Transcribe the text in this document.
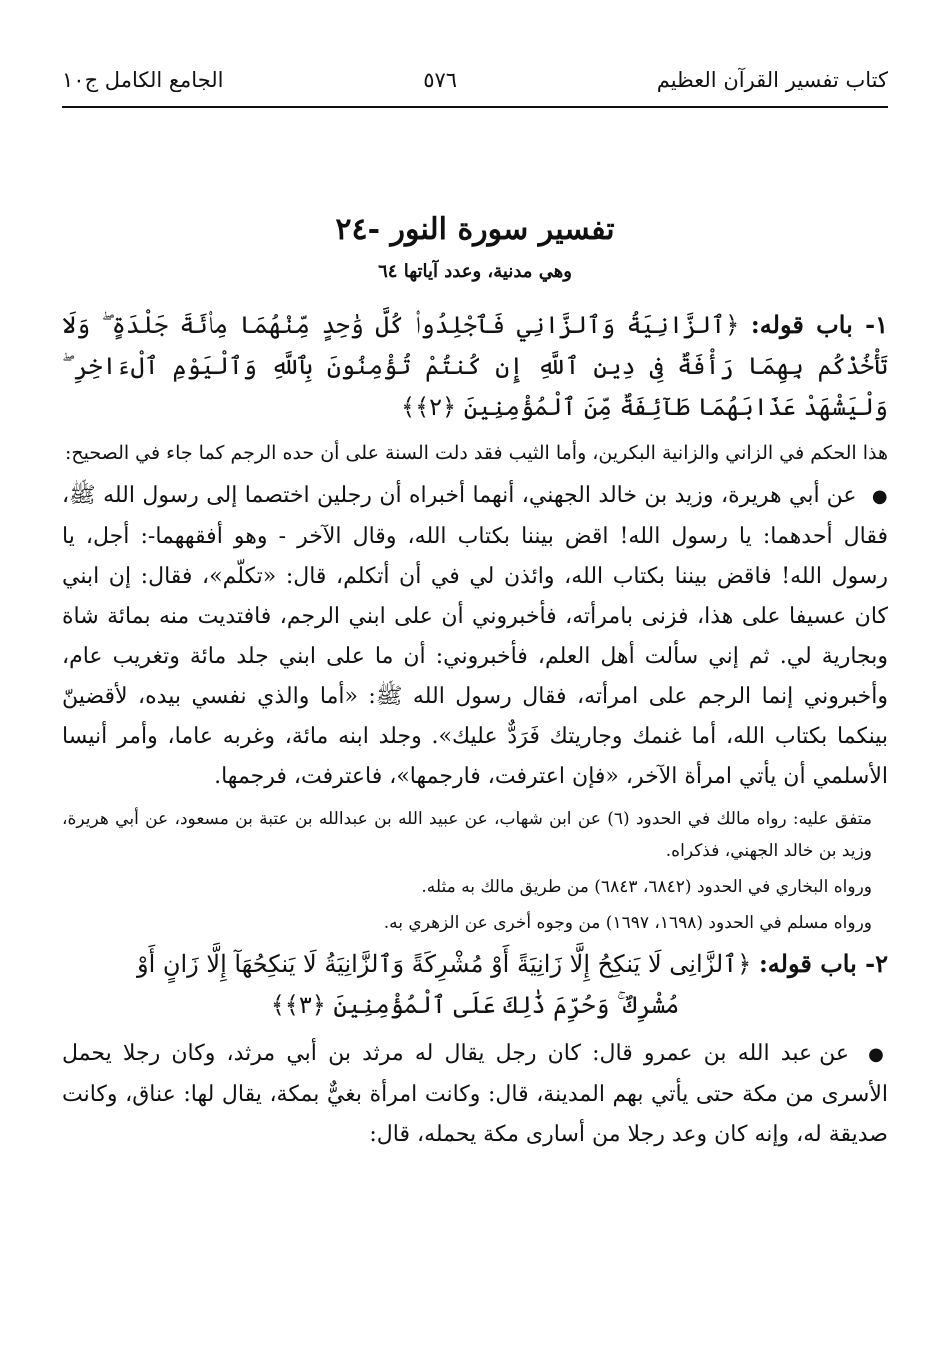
كتاب تفسير القرآن العظيم
٥٧٦
الجامع الكامل ج١٠
تفسير سورة النور -٢٤
وهي مدنية، وعدد آياتها ٦٤
١- باب قوله: ﴿ٱلزَّانِيَةُ وَٱلزَّانِي فَٱجْلِدُوا۟ كُلَّ وَٰحِدٍ مِّنْهُمَا مِا۟ئَةَ جَلْدَةٍ ۖ وَلَا تَأْخُذْكُم بِهِمَا رَأْفَةٌ فِى دِينِ ٱللَّهِ إِن كُنتُمْ تُؤْمِنُونَ بِٱللَّهِ وَٱلْيَوْمِ ٱلْءَاخِرِ ۖ وَلْيَشْهَدْ عَذَابَهُمَا طَآئِفَةٌ مِّنَ ٱلْمُؤْمِنِينَ ﴿٢﴾﴾
هذا الحكم في الزاني والزانية البكرين، وأما الثيب فقد دلت السنة على أن حده الرجم كما جاء في الصحيح:
● عن أبي هريرة، وزيد بن خالد الجهني، أنهما أخبراه أن رجلين اختصما إلى رسول الله ﷺ، فقال أحدهما: يا رسول الله! اقض بيننا بكتاب الله، وقال الآخر - وهو أفقههما-: أجل، يا رسول الله! فاقض بيننا بكتاب الله، وائذن لي في أن أتكلم، قال: «تكلّم»، فقال: إن ابني كان عسيفا على هذا، فزنى بامرأته، فأخبروني أن على ابني الرجم، فافتديت منه بمائة شاة وبجارية لي. ثم إني سألت أهل العلم، فأخبروني: أن ما على ابني جلد مائة وتغريب عام، وأخبروني إنما الرجم على امرأته، فقال رسول الله ﷺ: «أما والذي نفسي بيده، لأقضينّ بينكما بكتاب الله، أما غنمك وجاريتك فَرَدٌّ عليك». وجلد ابنه مائة، وغربه عاما، وأمر أنيسا الأسلمي أن يأتي امرأة الآخر، «فإن اعترفت، فارجمها»، فاعترفت، فرجمها.
متفق عليه: رواه مالك في الحدود (٦) عن ابن شهاب، عن عبيد الله بن عبدالله بن عتبة بن مسعود، عن أبي هريرة، وزيد بن خالد الجهني، فذكراه.
ورواه البخاري في الحدود (٦٨٤٢، ٦٨٤٣) من طريق مالك به مثله.
ورواه مسلم في الحدود (١٦٩٨، ١٦٩٧) من وجوه أخرى عن الزهري به.
٢- باب قوله: ﴿ٱلزَّانِى لَا يَنكِحُ إِلَّا زَانِيَةً أَوْ مُشْرِكَةً وَٱلزَّانِيَةُ لَا يَنكِحُهَآ إِلَّا زَانٍ أَوْ
مُشْرِكٌ ۚ وَحُرِّمَ ذَٰلِكَ عَلَى ٱلْمُؤْمِنِينَ ﴿٣﴾﴾
● عن عبد الله بن عمرو قال: كان رجل يقال له مرثد بن أبي مرثد، وكان رجلا يحمل الأسرى من مكة حتى يأتي بهم المدينة، قال: وكانت امرأة بغيٌّ بمكة، يقال لها: عناق، وكانت صديقة له، وإنه كان وعد رجلا من أسارى مكة يحمله، قال:
